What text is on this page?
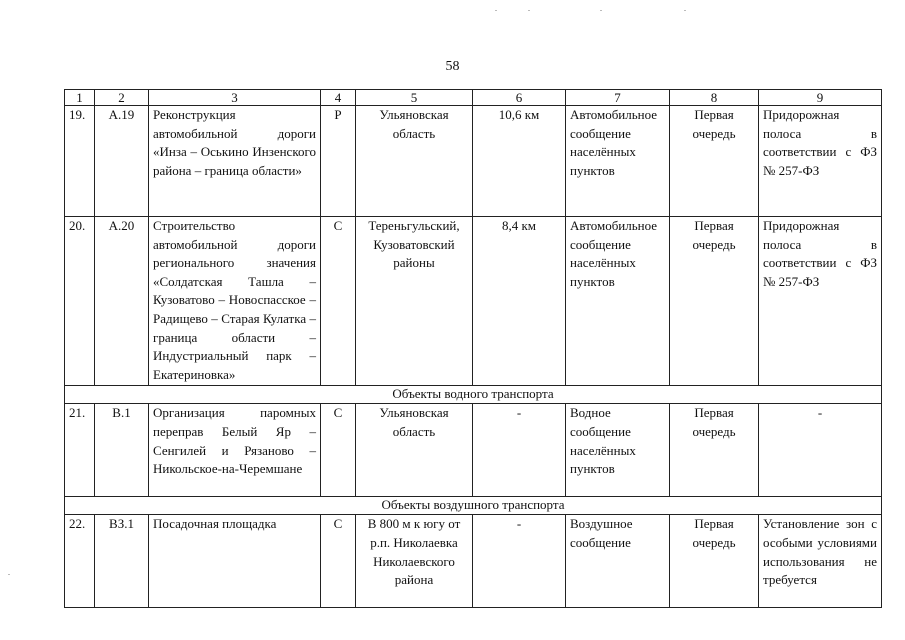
58
1	2	3	4	5	6	7	8	9
19.	А.19	Реконструкция автомобильной дороги «Инза – Оськино Инзенского района – граница области»	Р	Ульяновская область	10,6 км	Автомобильное сообщение населённых пунктов	Первая очередь	Придорожная полоса в соответствии с ФЗ № 257-ФЗ
20.	А.20	Строительство автомобильной дороги регионального значения «Солдатская Ташла – Кузоватово – Новоспасское – Радищево – Старая Кулатка – граница области – Индустриальный парк – Екатериновка»	С	Тереньгульский, Кузоватовский районы	8,4 км	Автомобильное сообщение населённых пунктов	Первая очередь	Придорожная полоса в соответствии с ФЗ № 257-ФЗ
Объекты водного транспорта								
21.	В.1	Организация паромных переправ Белый Яр – Сенгилей и Рязаново – Никольское-на-Черемшане	С	Ульяновская область	-	Водное сообщение населённых пунктов	Первая очередь	-
Объекты воздушного транспорта								
22.	ВЗ.1	Посадочная площадка	С	В 800 м к югу от р.п. Николаевка Николаевского района	-	Воздушное сообщение	Первая очередь	Установление зон с особыми условиями использования не требуется
